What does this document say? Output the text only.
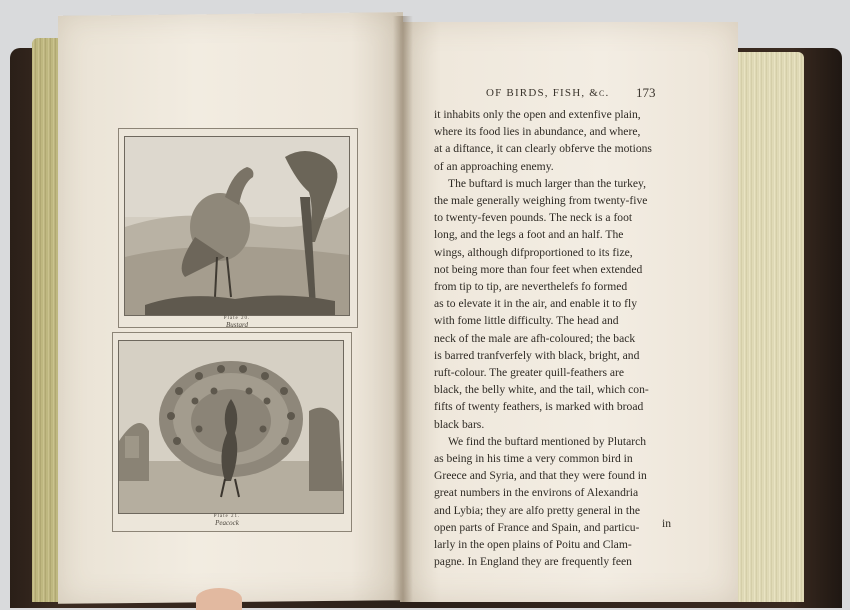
Plate 20.
Bustard
Plate 21.
Peacock
OF BIRDS, FISH, &c. 173
it inhabits only the open and extenfive plain,
where its food lies in abundance, and where,
at a diftance, it can clearly obferve the motions
of an approaching enemy.
The buftard is much larger than the turkey,
the male generally weighing from twenty-five
to twenty-feven pounds. The neck is a foot
long, and the legs a foot and an half. The
wings, although difproportioned to its fize,
not being more than four feet when extended
from tip to tip, are neverthelefs fo formed
as to elevate it in the air, and enable it to fly
with fome little difficulty. The head and
neck of the male are afh-coloured; the back
is barred tranfverfely with black, bright, and
ruft-colour. The greater quill-feathers are
black, the belly white, and the tail, which con-
fifts of twenty feathers, is marked with broad
black bars.
We find the buftard mentioned by Plutarch
as being in his time a very common bird in
Greece and Syria, and that they were found in
great numbers in the environs of Alexandria
and Lybia; they are alfo pretty general in the
open parts of France and Spain, and particu-
larly in the open plains of Poitu and Clam-
pagne. In England they are frequently feen
in
